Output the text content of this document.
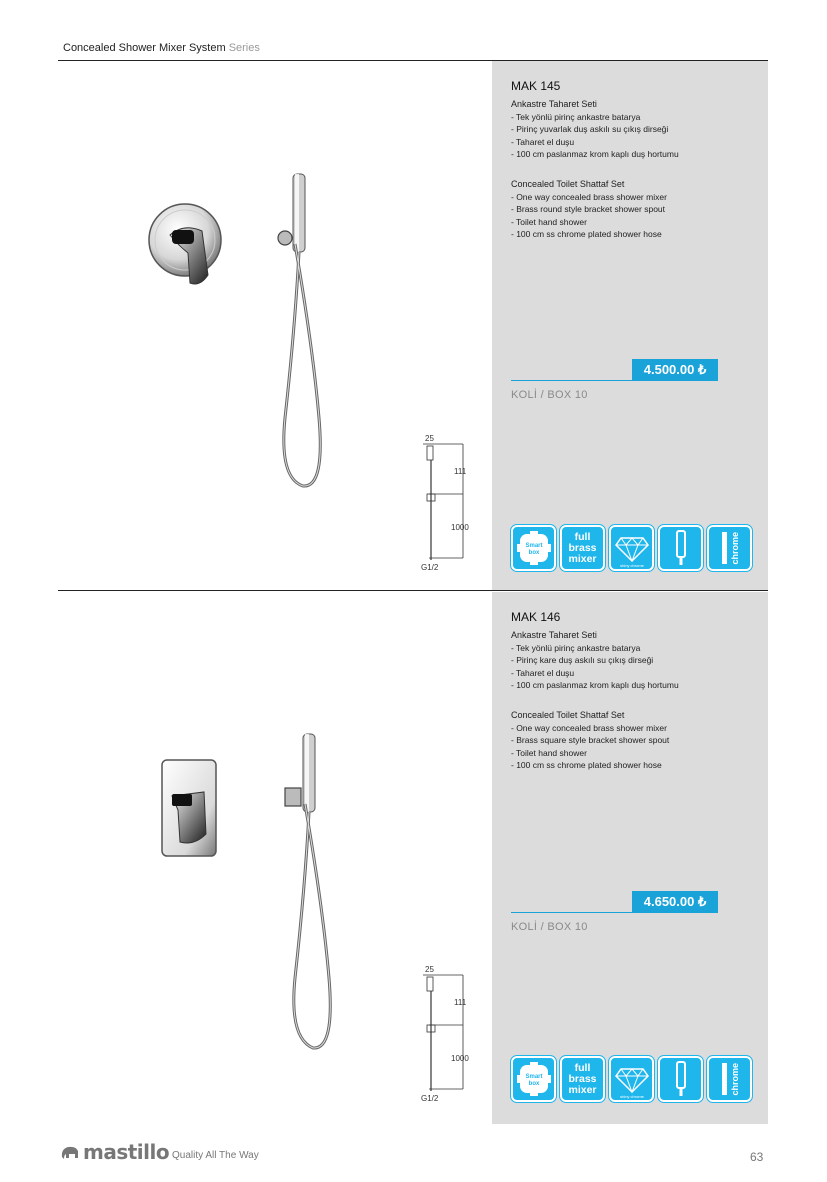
Concealed Shower Mixer System Series
MAK 145
Ankastre Taharet Seti
- Tek yönlü pirinç ankastre batarya
- Pirinç yuvarlak duş askılı su çıkış dirseği
- Taharet el duşu
- 100 cm paslanmaz krom kaplı duş hortumu
Concealed Toilet Shattaf Set
- One way concealed brass shower mixer
- Brass round style bracket shower spout
- Toilet hand shower
- 100 cm ss chrome plated shower hose
4.500.00 ₺
KOLİ / BOX 10
25
111
1000
G1/2
Smart
box
full
brass
mixer
shiny chrome
chrome
MAK 146
Ankastre Taharet Seti
- Tek yönlü pirinç ankastre batarya
- Pirinç kare duş askılı su çıkış dirseği
- Taharet el duşu
- 100 cm paslanmaz krom kaplı duş hortumu
Concealed Toilet Shattaf Set
- One way concealed brass shower mixer
- Brass square style bracket shower spout
- Toilet hand shower
- 100 cm ss chrome plated shower hose
4.650.00 ₺
KOLİ / BOX 10
25
111
1000
G1/2
Smart
box
full
brass
mixer
shiny chrome
chrome
mastillo Quality All The Way	63
